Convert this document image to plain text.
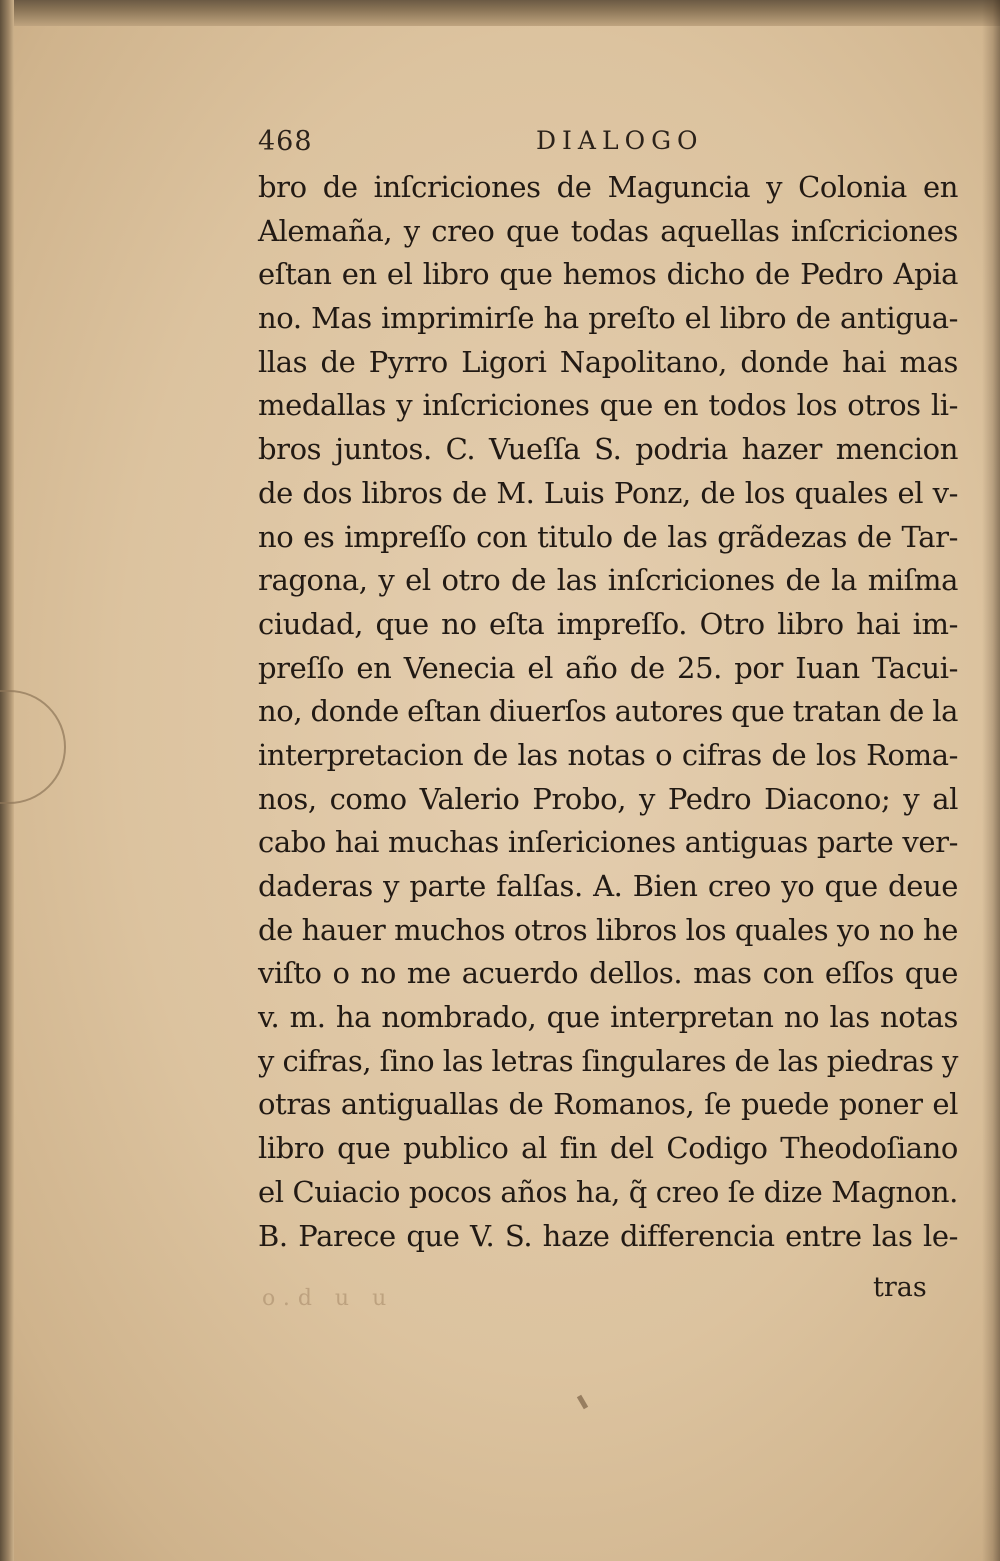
468	DIALOGO
bro de inſcriciones de Maguncia y Colonia en
Alemaña, y creo que todas aquellas inſcriciones
eſtan en el libro que hemos dicho de Pedro Apia
no. Mas imprimirſe ha preſto el libro de antigua-
llas de Pyrro Ligori Napolitano, donde hai mas
medallas y inſcriciones que en todos los otros li-
bros juntos. C. Vueſſa S. podria hazer mencion
de dos libros de M. Luis Ponz, de los quales el v-
no es impreſſo con titulo de las grãdezas de Tar-
ragona, y el otro de las inſcriciones de la miſma
ciudad, que no eſta impreſſo. Otro libro hai im-
preſſo en Venecia el año de 25. por Iuan Tacui-
no, donde eſtan diuerſos autores que tratan de la
interpretacion de las notas o cifras de los Roma-
nos, como Valerio Probo, y Pedro Diacono; y al
cabo hai muchas inſericiones antiguas parte ver-
daderas y parte falſas. A. Bien creo yo que deue
de hauer muchos otros libros los quales yo no he
viſto o no me acuerdo dellos. mas con eſſos que
v. m. ha nombrado, que interpretan no las notas
y cifras, ſino las letras ſingulares de las piedras y
otras antiguallas de Romanos, ſe puede poner el
libro que publico al fin del Codigo Theodoſiano
el Cuiacio pocos años ha, q̃ creo ſe dize Magnon.
B. Parece que V. S. haze differencia entre las le-
o.d u u	tras
